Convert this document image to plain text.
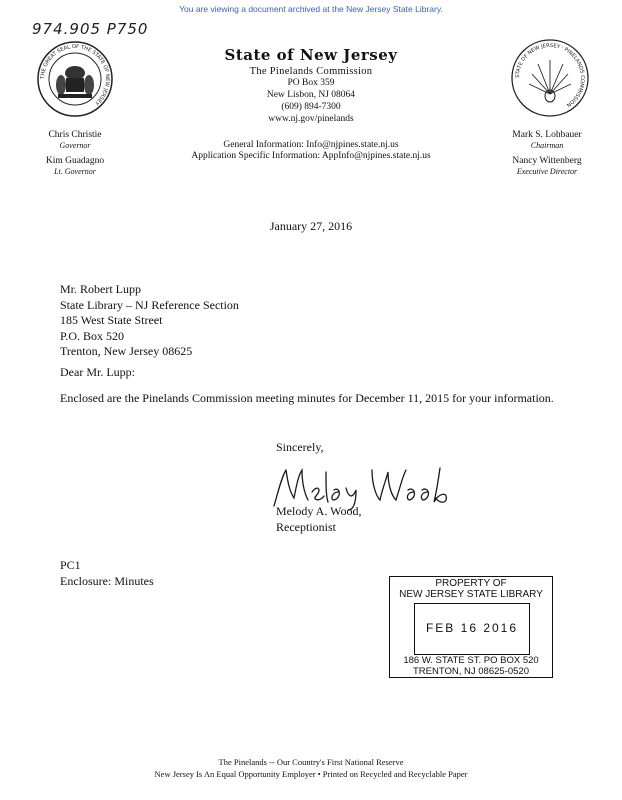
You are viewing a document archived at the New Jersey State Library.
974.905 P750
THE GREAT SEAL OF THE STATE OF NEW JERSEY
State of New Jersey
The Pinelands Commission
PO Box 359
New Lisbon, NJ 08064
(609) 894-7300
www.nj.gov/pinelands
STATE OF NEW JERSEY · PINELANDS COMMISSION
Chris Christie
Governor
Kim Guadagno
Lt. Governor
Mark S. Lohbauer
Chairman
Nancy Wittenberg
Executive Director
General Information: Info@njpines.state.nj.us
Application Specific Information: AppInfo@njpines.state.nj.us
January 27, 2016
Mr. Robert Lupp
State Library – NJ Reference Section
185 West State Street
P.O. Box 520
Trenton, New Jersey 08625
Dear Mr. Lupp:
Enclosed are the Pinelands Commission meeting minutes for December 11, 2015 for your information.
Sincerely,
Melody A. Wood,
Receptionist
PC1
Enclosure: Minutes	PROPERTY OF
NEW JERSEY STATE LIBRARY
FEB 16 2016
186 W. STATE ST. PO BOX 520
TRENTON, NJ 08625-0520
The Pinelands -- Our Country's First National Reserve
New Jersey Is An Equal Opportunity Employer • Printed on Recycled and Recyclable Paper
